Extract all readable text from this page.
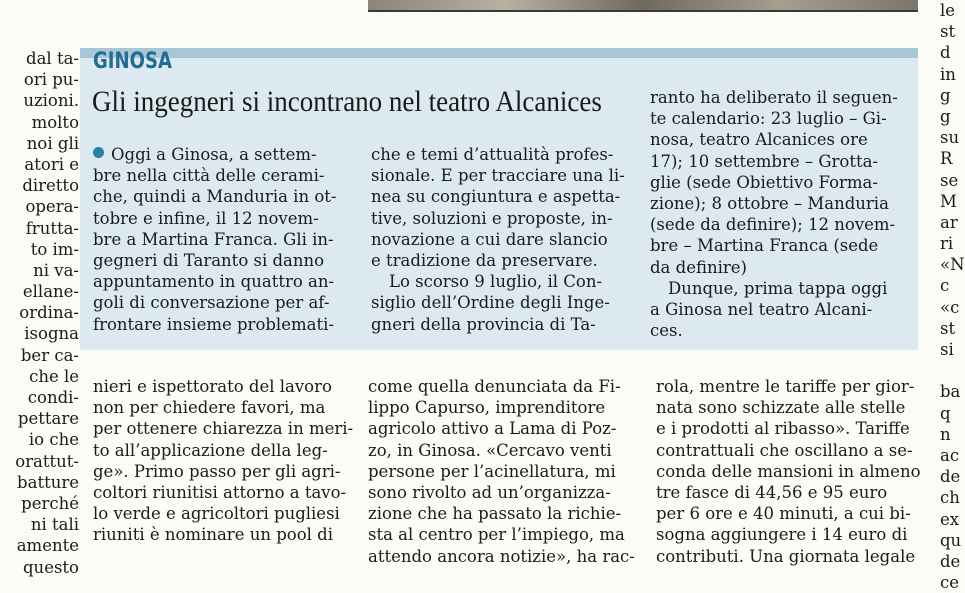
dal ta-
ori pu-
uzioni.
molto
noi gli
atori e
diretto
opera-
frutta-
to im-
ni va-
ellane-
ordina-
isogna
ber ca-
che le
condi-
pettare
io che
orattut-
batture
perché
ni tali
amente
questo
le
st
d
in
g
g
su
R
se
M
ar
ri
«N
c
«c
st
si
ba
q
n
ac
de
ch
ex
qu
de
ce
GINOSA
Gli ingegneri si incontrano nel teatro Alcanices
Oggi a Ginosa, a settem-
bre nella città delle cerami-
che, quindi a Manduria in ot-
tobre e infine, il 12 novem-
bre a Martina Franca. Gli in-
gegneri di Taranto si danno
appuntamento in quattro an-
goli di conversazione per af-
frontare insieme problemati-
che e temi d’attualità profes-
sionale. E per tracciare una li-
nea su congiuntura e aspetta-
tive, soluzioni e proposte, in-
novazione a cui dare slancio
e tradizione da preservare.
Lo scorso 9 luglio, il Con-
siglio dell’Ordine degli Inge-
gneri della provincia di Ta-
ranto ha deliberato il seguen-
te calendario: 23 luglio – Gi-
nosa, teatro Alcanices ore
17); 10 settembre – Grotta-
glie (sede Obiettivo Forma-
zione); 8 ottobre – Manduria
(sede da definire); 12 novem-
bre – Martina Franca (sede
da definire)
Dunque, prima tappa oggi
a Ginosa nel teatro Alcani-
ces.
nieri e ispettorato del lavoro
non per chiedere favori, ma
per ottenere chiarezza in meri-
to all’applicazione della leg-
ge». Primo passo per gli agri-
coltori riunitisi attorno a tavo-
lo verde e agricoltori pugliesi
riuniti è nominare un pool di
come quella denunciata da Fi-
lippo Capurso, imprenditore
agricolo attivo a Lama di Poz-
zo, in Ginosa. «Cercavo venti
persone per l’acinellatura, mi
sono rivolto ad un’organizza-
zione che ha passato la richie-
sta al centro per l’impiego, ma
attendo ancora notizie», ha rac-
rola, mentre le tariffe per gior-
nata sono schizzate alle stelle
e i prodotti al ribasso». Tariffe
contrattuali che oscillano a se-
conda delle mansioni in almeno
tre fasce di 44,56 e 95 euro
per 6 ore e 40 minuti, a cui bi-
sogna aggiungere i 14 euro di
contributi. Una giornata legale
